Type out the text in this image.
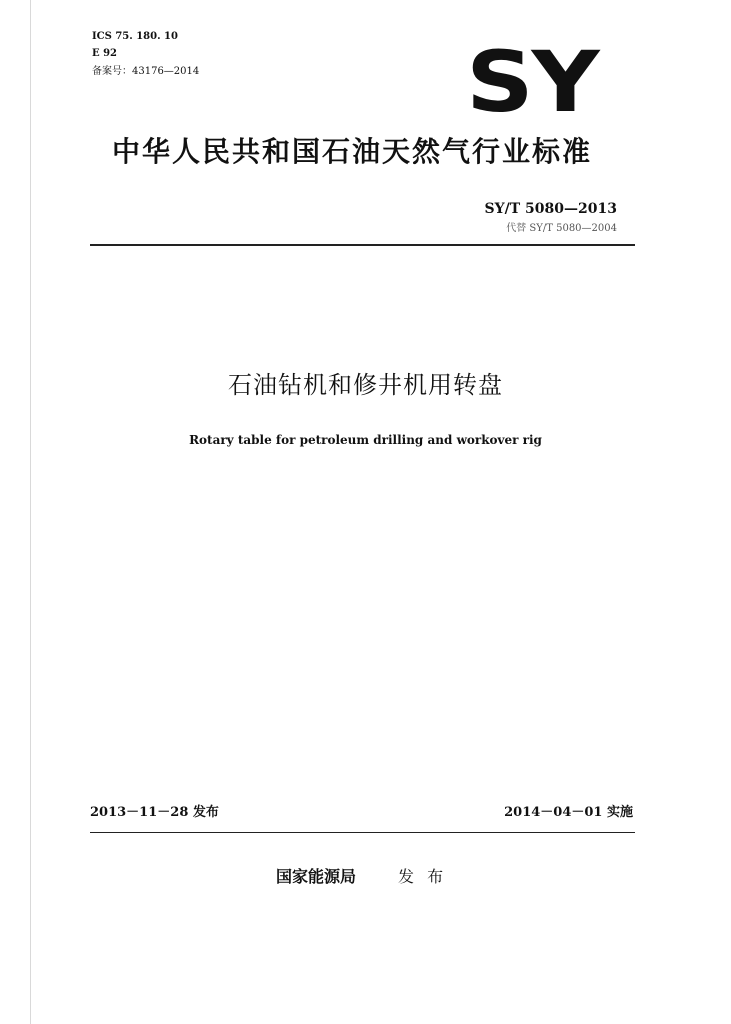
ICS 75. 180. 10
E 92
备案号：43176—2014	SY
中华人民共和国石油天然气行业标准
SY/T 5080—2013
代替 SY/T 5080—2004
石油钻机和修井机用转盘
Rotary table for petroleum drilling and workover rig
2013－11－28 发布	2014－04－01 实施
国家能源局	发 布
